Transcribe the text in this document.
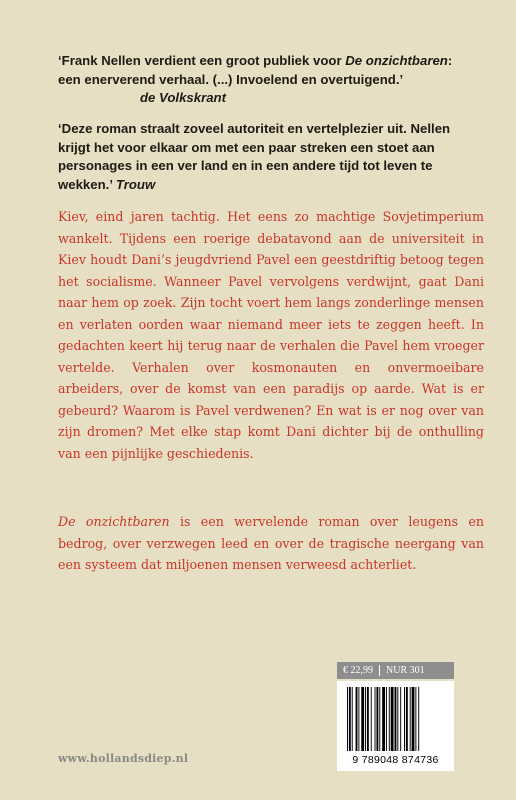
‘Frank Nellen verdient een groot publiek voor De onzichtbaren: een enerverend verhaal. (...) Invoelend en overtuigend.’

de Volkskrant

‘Deze roman straalt zoveel autoriteit en vertelplezier uit. Nellen krijgt het voor elkaar om met een paar streken een stoet aan personages in een ver land en in een andere tijd tot leven te wekken.’ Trouw

Kiev, eind jaren tachtig. Het eens zo machtige Sovjetimperium wankelt. Tijdens een roerige debatavond aan de universiteit in Kiev houdt Dani’s jeugdvriend Pavel een geestdriftig betoog tegen het socialisme. Wanneer Pavel vervolgens verdwijnt, gaat Dani naar hem op zoek. Zijn tocht voert hem langs zonderlinge mensen en verlaten oorden waar niemand meer iets te zeggen heeft. In gedachten keert hij terug naar de verhalen die Pavel hem vroeger vertelde. Verhalen over kosmonauten en onvermoeibare arbeiders, over de komst van een paradijs op aarde. Wat is er gebeurd? Waarom is Pavel verdwenen? En wat is er nog over van zijn dromen? Met elke stap komt Dani dichter bij de onthulling van een pijnlijke geschiedenis.

De onzichtbaren is een wervelende roman over leugens en bedrog, over verzwegen leed en over de tragische neergang van een systeem dat miljoenen mensen verweesd achterliet.

€ 22,99	NUR 301
9 789048 874736
www.hollandsdiep.nl
